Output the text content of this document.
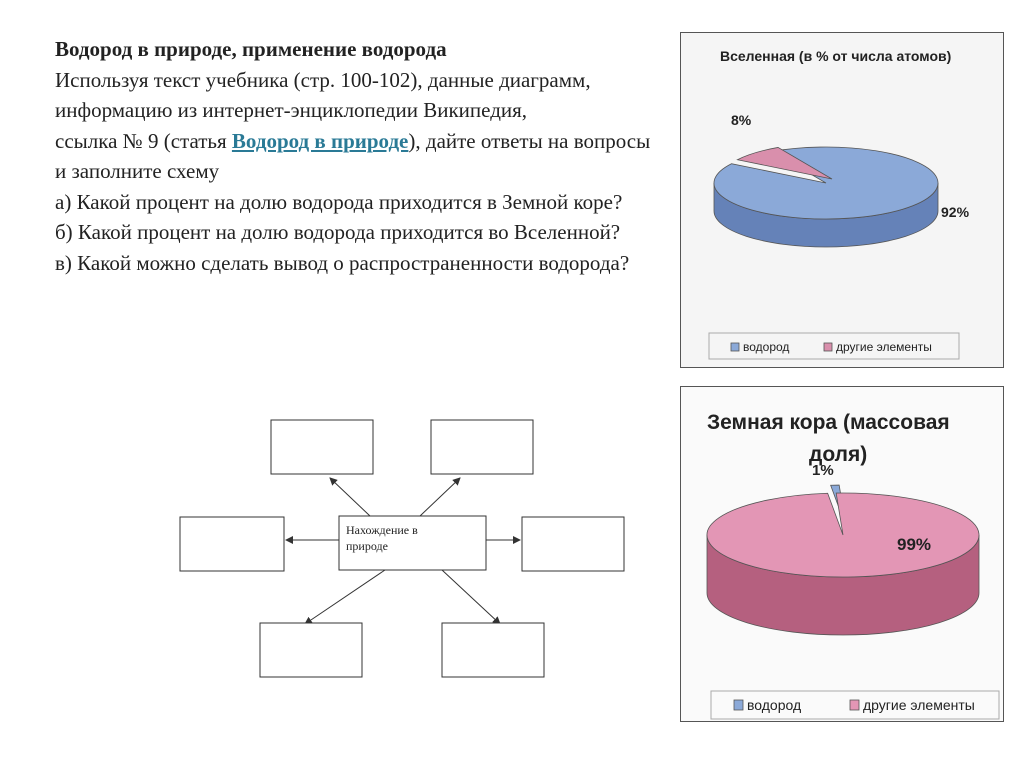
Водород в природе, применение водорода

Используя текст учебника (стр. 100-102), данные диаграмм, информацию из интернет-энциклопедии Википедия,

ссылка № 9 (статья Водород в природе), дайте ответы на вопросы и заполните схему

а) Какой процент на долю водорода приходится в Земной коре?

б) Какой процент на долю водорода приходится во Вселенной?

в) Какой можно сделать вывод о распространенности водорода?

Нахождение в
природе
Вселенная (в % от числа атомов)
8%
92%
водород	другие элементы
Земная кора (массовая
доля)
1%
99%
водород	другие элементы
